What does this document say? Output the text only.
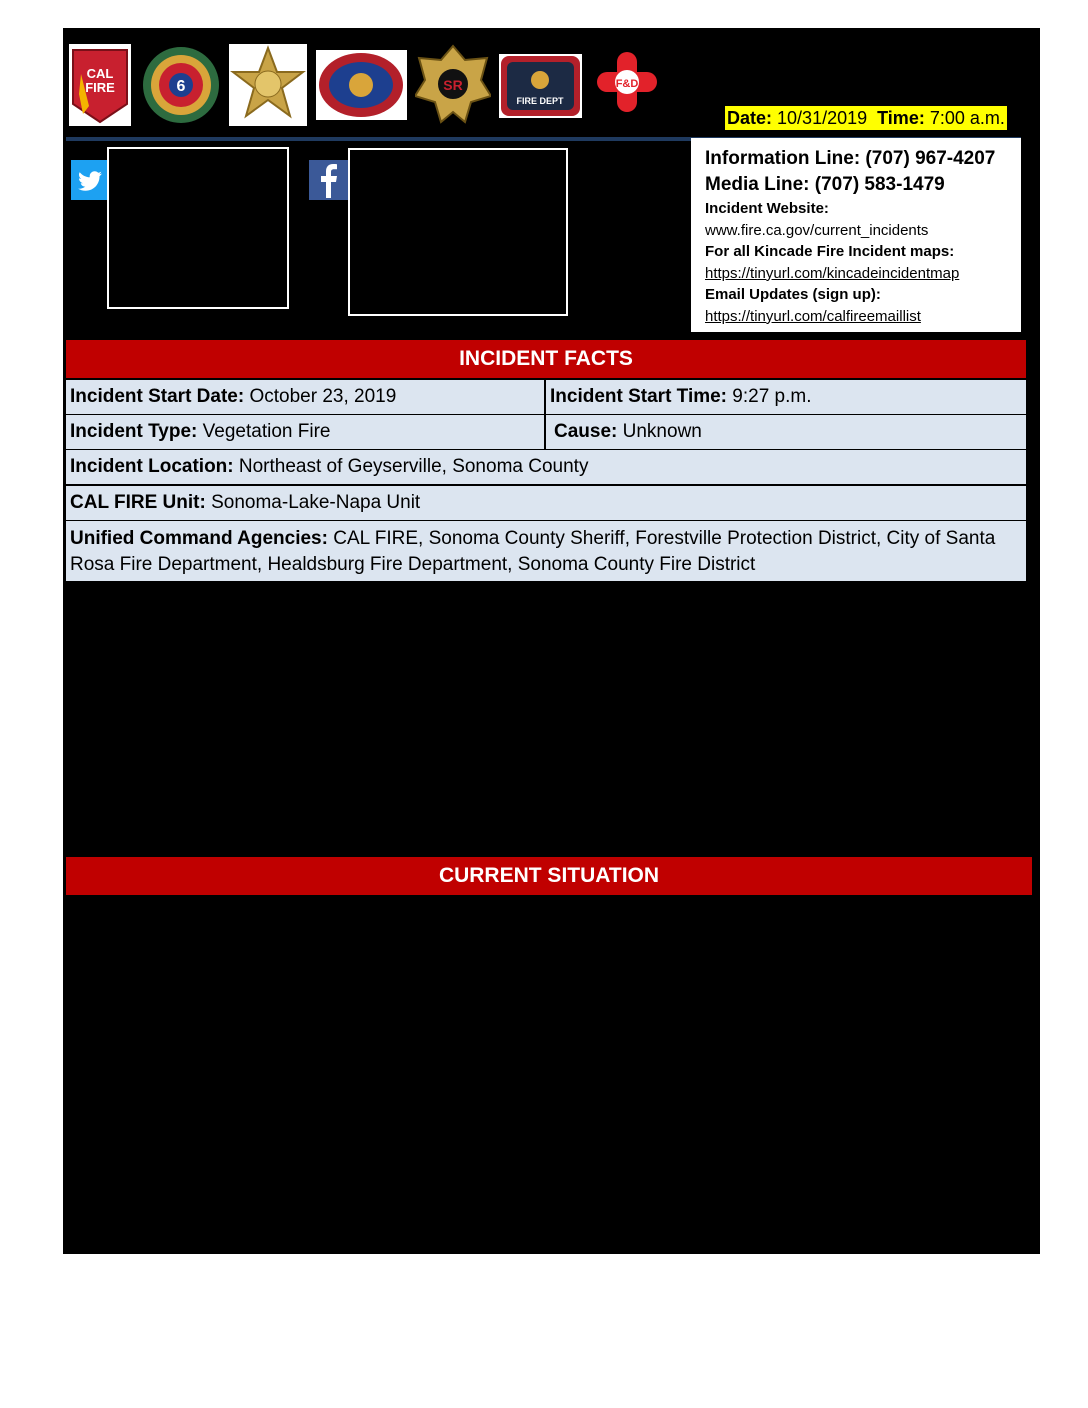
CAL
FIRE	6	SR
FIRE DEPT
F&D
Date: 10/31/2019 Time: 7:00 a.m.
Information Line: (707) 967-4207
Media Line: (707) 583-1479
Incident Website:
www.fire.ca.gov/current_incidents
For all Kincade Fire Incident maps:
https://tinyurl.com/kincadeincidentmap
Email Updates (sign up):
https://tinyurl.com/calfireemaillist
INCIDENT FACTS
Incident Start Date: October 23, 2019	Incident Start Time: 9:27 p.m.
Incident Type: Vegetation Fire	Cause: Unknown
Incident Location: Northeast of Geyserville, Sonoma County
CAL FIRE Unit: Sonoma-Lake-Napa Unit
Unified Command Agencies: CAL FIRE, Sonoma County Sheriff, Forestville Protection District, City of Santa Rosa Fire Department, Healdsburg Fire Department, Sonoma County Fire District
CURRENT SITUATION
